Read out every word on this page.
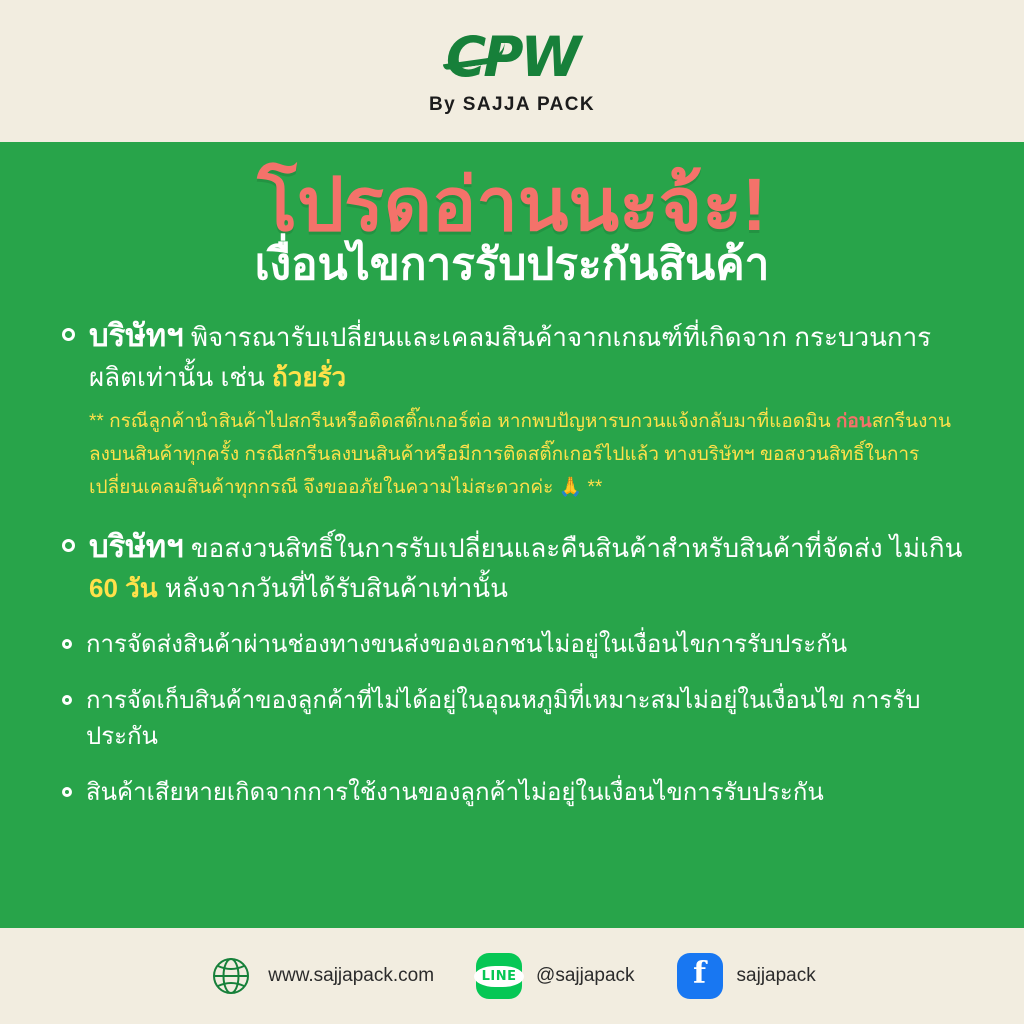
CPW
By SAJJA PACK
โปรดอ่านนะจ้ะ!
เงื่อนไขการรับประกันสินค้า
บริษัทฯ พิจารณารับเปลี่ยนและเคลมสินค้าจากเกณฑ์ที่เกิดจาก กระบวนการผลิตเท่านั้น เช่น ถ้วยรั่ว
** กรณีลูกค้านำสินค้าไปสกรีนหรือติดสติ๊กเกอร์ต่อ หากพบปัญหารบกวนแจ้งกลับมาที่แอดมิน ก่อนสกรีนงานลงบนสินค้าทุกครั้ง กรณีสกรีนลงบนสินค้าหรือมีการติดสติ๊กเกอร์ไปแล้ว ทางบริษัทฯ ขอสงวนสิทธิ์ในการเปลี่ยนเคลมสินค้าทุกกรณี จึงขออภัยในความไม่สะดวกค่ะ 🙏 **
บริษัทฯ ขอสงวนสิทธิ์ในการรับเปลี่ยนและคืนสินค้าสำหรับสินค้าที่จัดส่ง ไม่เกิน 60 วัน หลังจากวันที่ได้รับสินค้าเท่านั้น
การจัดส่งสินค้าผ่านช่องทางขนส่งของเอกชนไม่อยู่ในเงื่อนไขการรับประกัน
การจัดเก็บสินค้าของลูกค้าที่ไม่ได้อยู่ในอุณหภูมิที่เหมาะสมไม่อยู่ในเงื่อนไข การรับประกัน
สินค้าเสียหายเกิดจากการใช้งานของลูกค้าไม่อยู่ในเงื่อนไขการรับประกัน
www.sajjapack.com	LINE	@sajjapack f sajjapack
